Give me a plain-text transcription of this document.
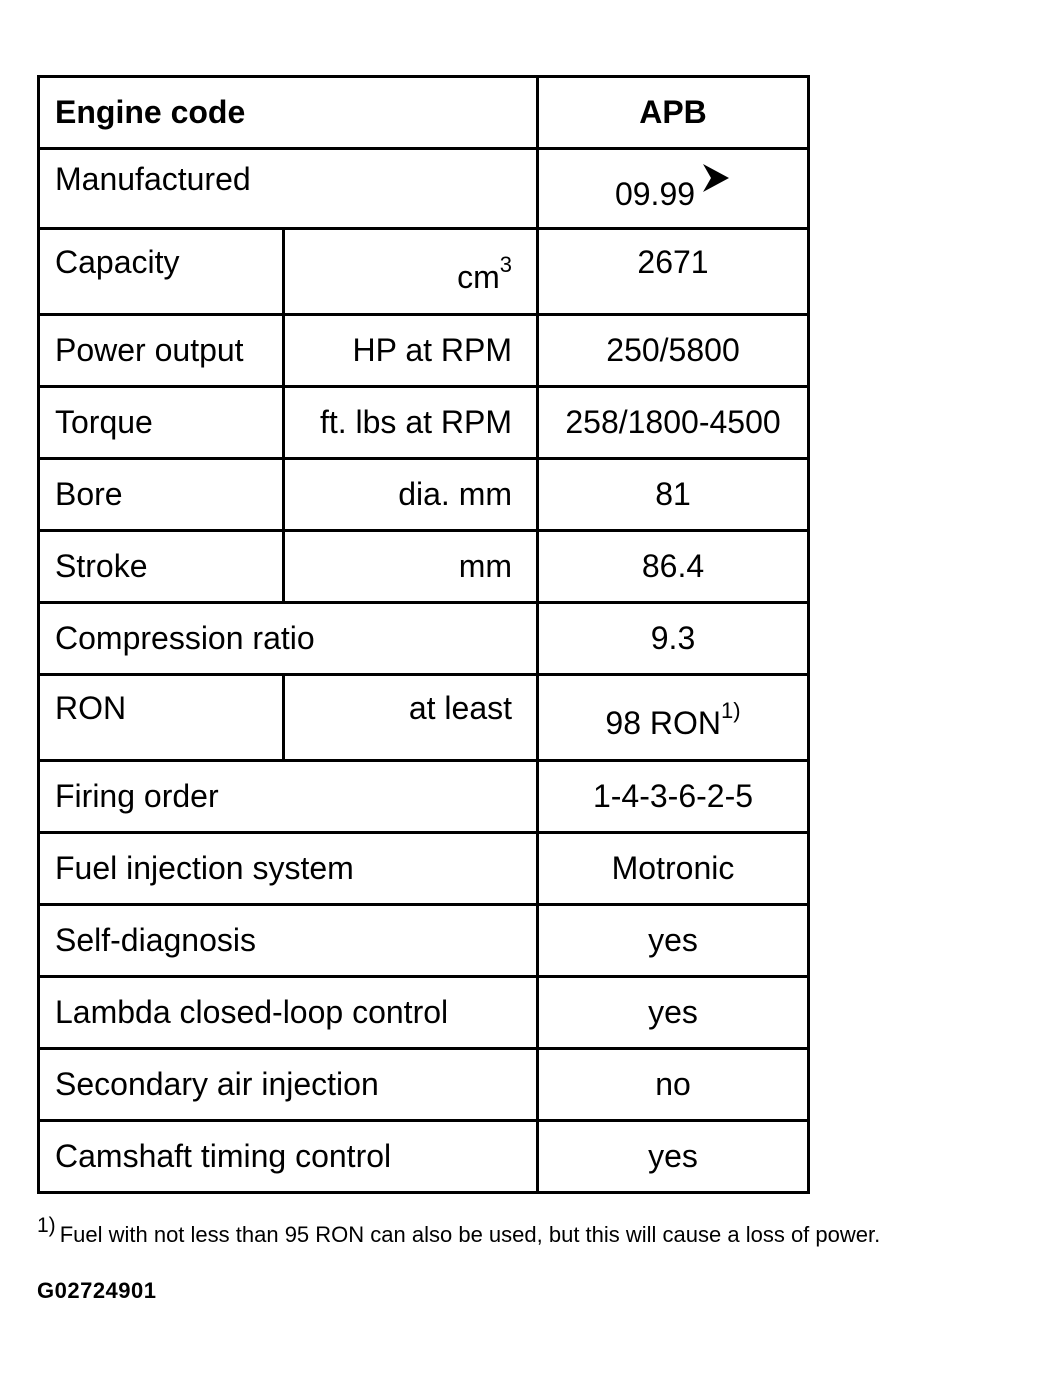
Engine code		APB
Manufactured		09.99
Capacity	$cm^3$	2671
Power output	HP at RPM	250/5800
Torque	ft. lbs at RPM	258/1800-4500
Bore	dia. mm	81
Stroke	mm	86.4
Compression ratio		9.3
RON	at least	98 RON$^{1)}$
Firing order		1-4-3-6-2-5
Fuel injection system		Motronic
Self-diagnosis		yes
Lambda closed-loop control		yes
Secondary air injection		no
Camshaft timing control		yes
1) Fuel with not less than 95 RON can also be used, but this will cause a loss of power.
G02724901
